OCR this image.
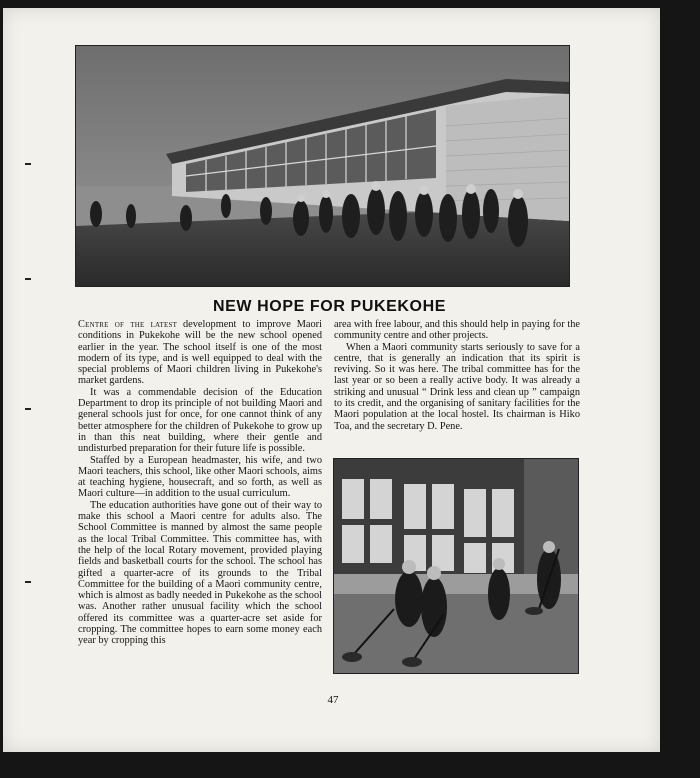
NEW HOPE FOR PUKEKOHE

Centre of the latest development to improve Maori conditions in Pukekohe will be the new school opened earlier in the year. The school itself is one of the most modern of its type, and is well equipped to deal with the special problems of Maori children living in Pukekohe's market gardens.

It was a commendable decision of the Education Department to drop its principle of not building Maori and general schools just for once, for one cannot think of any better atmosphere for the children of Pukekohe to grow up in than this neat building, where their gentle and undisturbed preparation for their future life is possible.

Staffed by a European headmaster, his wife, and two Maori teachers, this school, like other Maori schools, aims at teaching hygiene, housecraft, and so forth, as well as Maori culture—in addition to the usual curriculum.

The education authorities have gone out of their way to make this school a Maori centre for adults also. The School Committee is manned by almost the same people as the local Tribal Committee. This committee has, with the help of the local Rotary movement, provided playing fields and basketball courts for the school. The school has gifted a quarter-acre of its grounds to the Tribal Committee for the building of a Maori community centre, which is almost as badly needed in Pukekohe as the school was. Another rather unusual facility which the school offered its committee was a quarter-acre set aside for cropping. The committee hopes to earn some money each year by cropping this

area with free labour, and this should help in paying for the community centre and other projects.

When a Maori community starts seriously to save for a centre, that is generally an indication that its spirit is reviving. So it was here. The tribal committee has for the last year or so been a really active body. It was already a striking and unusual “ Drink less and clean up ” campaign to its credit, and the organising of sanitary facilities for the Maori population at the local hostel. Its chairman is Hiko Toa, and the secretary D. Pene.

47
